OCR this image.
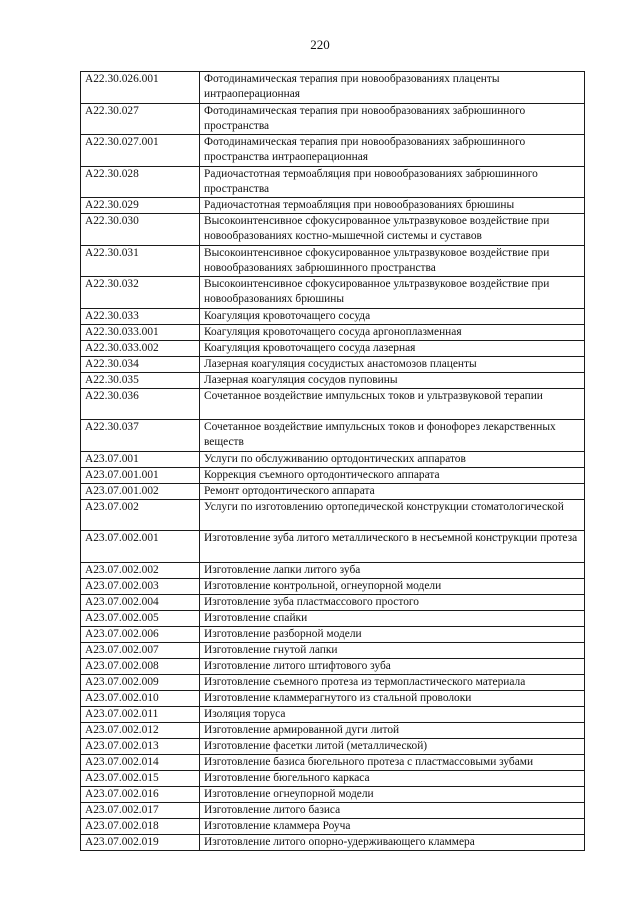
220
A22.30.026.001	Фотодинамическая терапия при новообразованиях плаценты интраоперационная
A22.30.027	Фотодинамическая терапия при новообразованиях забрюшинного пространства
A22.30.027.001	Фотодинамическая терапия при новообразованиях забрюшинного пространства интраоперационная
A22.30.028	Радиочастотная термоабляция при новообразованиях забрюшинного пространства
A22.30.029	Радиочастотная термоабляция при новообразованиях брюшины
A22.30.030	Высокоинтенсивное сфокусированное ультразвуковое воздействие при новообразованиях костно-мышечной системы и суставов
A22.30.031	Высокоинтенсивное сфокусированное ультразвуковое воздействие при новообразованиях забрюшинного пространства
A22.30.032	Высокоинтенсивное сфокусированное ультразвуковое воздействие при новообразованиях брюшины
A22.30.033	Коагуляция кровоточащего сосуда
A22.30.033.001	Коагуляция кровоточащего сосуда аргоноплазменная
A22.30.033.002	Коагуляция кровоточащего сосуда лазерная
A22.30.034	Лазерная коагуляция сосудистых анастомозов плаценты
A22.30.035	Лазерная коагуляция сосудов пуповины
A22.30.036	Сочетанное воздействие импульсных токов и ультразвуковой терапии
A22.30.037	Сочетанное воздействие импульсных токов и фонофорез лекарственных веществ
A23.07.001	Услуги по обслуживанию ортодонтических аппаратов
A23.07.001.001	Коррекция съемного ортодонтического аппарата
A23.07.001.002	Ремонт ортодонтического аппарата
A23.07.002	Услуги по изготовлению ортопедической конструкции стоматологической
A23.07.002.001	Изготовление зуба литого металлического в несъемной конструкции протеза
A23.07.002.002	Изготовление лапки литого зуба
A23.07.002.003	Изготовление контрольной, огнеупорной модели
A23.07.002.004	Изготовление зуба пластмассового простого
A23.07.002.005	Изготовление спайки
A23.07.002.006	Изготовление разборной модели
A23.07.002.007	Изготовление гнутой лапки
A23.07.002.008	Изготовление литого штифтового зуба
A23.07.002.009	Изготовление съемного протеза из термопластического материала
A23.07.002.010	Изготовление кламмерагнутого из стальной проволоки
A23.07.002.011	Изоляция торуса
A23.07.002.012	Изготовление армированной дуги литой
A23.07.002.013	Изготовление фасетки литой (металлической)
A23.07.002.014	Изготовление базиса бюгельного протеза с пластмассовыми зубами
A23.07.002.015	Изготовление бюгельного каркаса
A23.07.002.016	Изготовление огнеупорной модели
A23.07.002.017	Изготовление литого базиса
A23.07.002.018	Изготовление кламмера Роуча
A23.07.002.019	Изготовление литого опорно-удерживающего кламмера
